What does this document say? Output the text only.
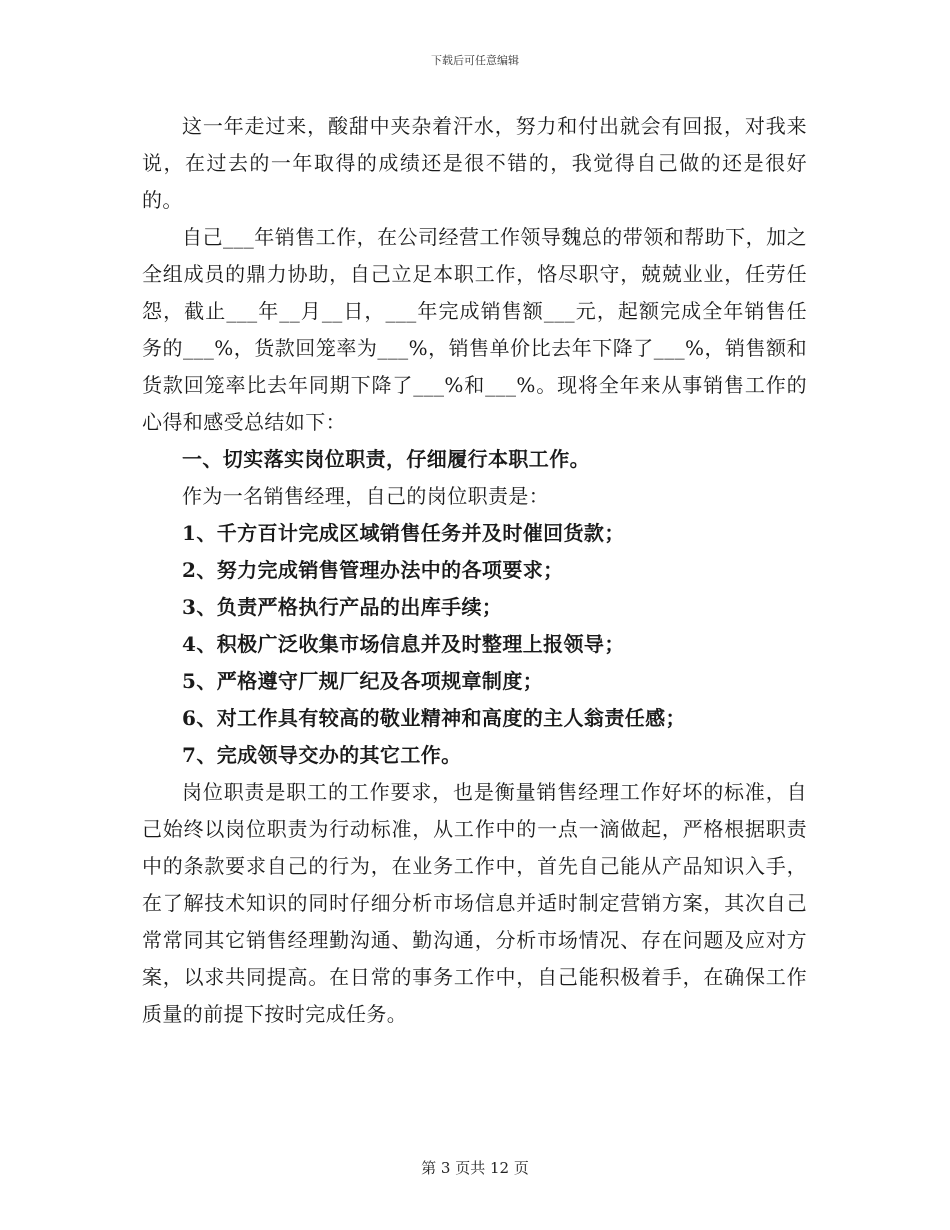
下载后可任意编辑

这一年走过来，酸甜中夹杂着汗水，努力和付出就会有回报，对我来说，在过去的一年取得的成绩还是很不错的，我觉得自己做的还是很好的。

自己___年销售工作，在公司经营工作领导魏总的带领和帮助下，加之全组成员的鼎力协助，自己立足本职工作，恪尽职守，兢兢业业，任劳任怨，截止___年__月__日，___年完成销售额___元，起额完成全年销售任务的___%，货款回笼率为___%，销售单价比去年下降了___%，销售额和货款回笼率比去年同期下降了___%和___%。现将全年来从事销售工作的心得和感受总结如下：

一、切实落实岗位职责，仔细履行本职工作。

作为一名销售经理，自己的岗位职责是：

1、千方百计完成区域销售任务并及时催回货款；

2、努力完成销售管理办法中的各项要求；

3、负责严格执行产品的出库手续；

4、积极广泛收集市场信息并及时整理上报领导；

5、严格遵守厂规厂纪及各项规章制度；

6、对工作具有较高的敬业精神和高度的主人翁责任感；

7、完成领导交办的其它工作。

岗位职责是职工的工作要求，也是衡量销售经理工作好坏的标准，自己始终以岗位职责为行动标准，从工作中的一点一滴做起，严格根据职责中的条款要求自己的行为，在业务工作中，首先自己能从产品知识入手，在了解技术知识的同时仔细分析市场信息并适时制定营销方案，其次自己常常同其它销售经理勤沟通、勤沟通，分析市场情况、存在问题及应对方案，以求共同提高。在日常的事务工作中，自己能积极着手，在确保工作质量的前提下按时完成任务。

第 3 页共 12 页
